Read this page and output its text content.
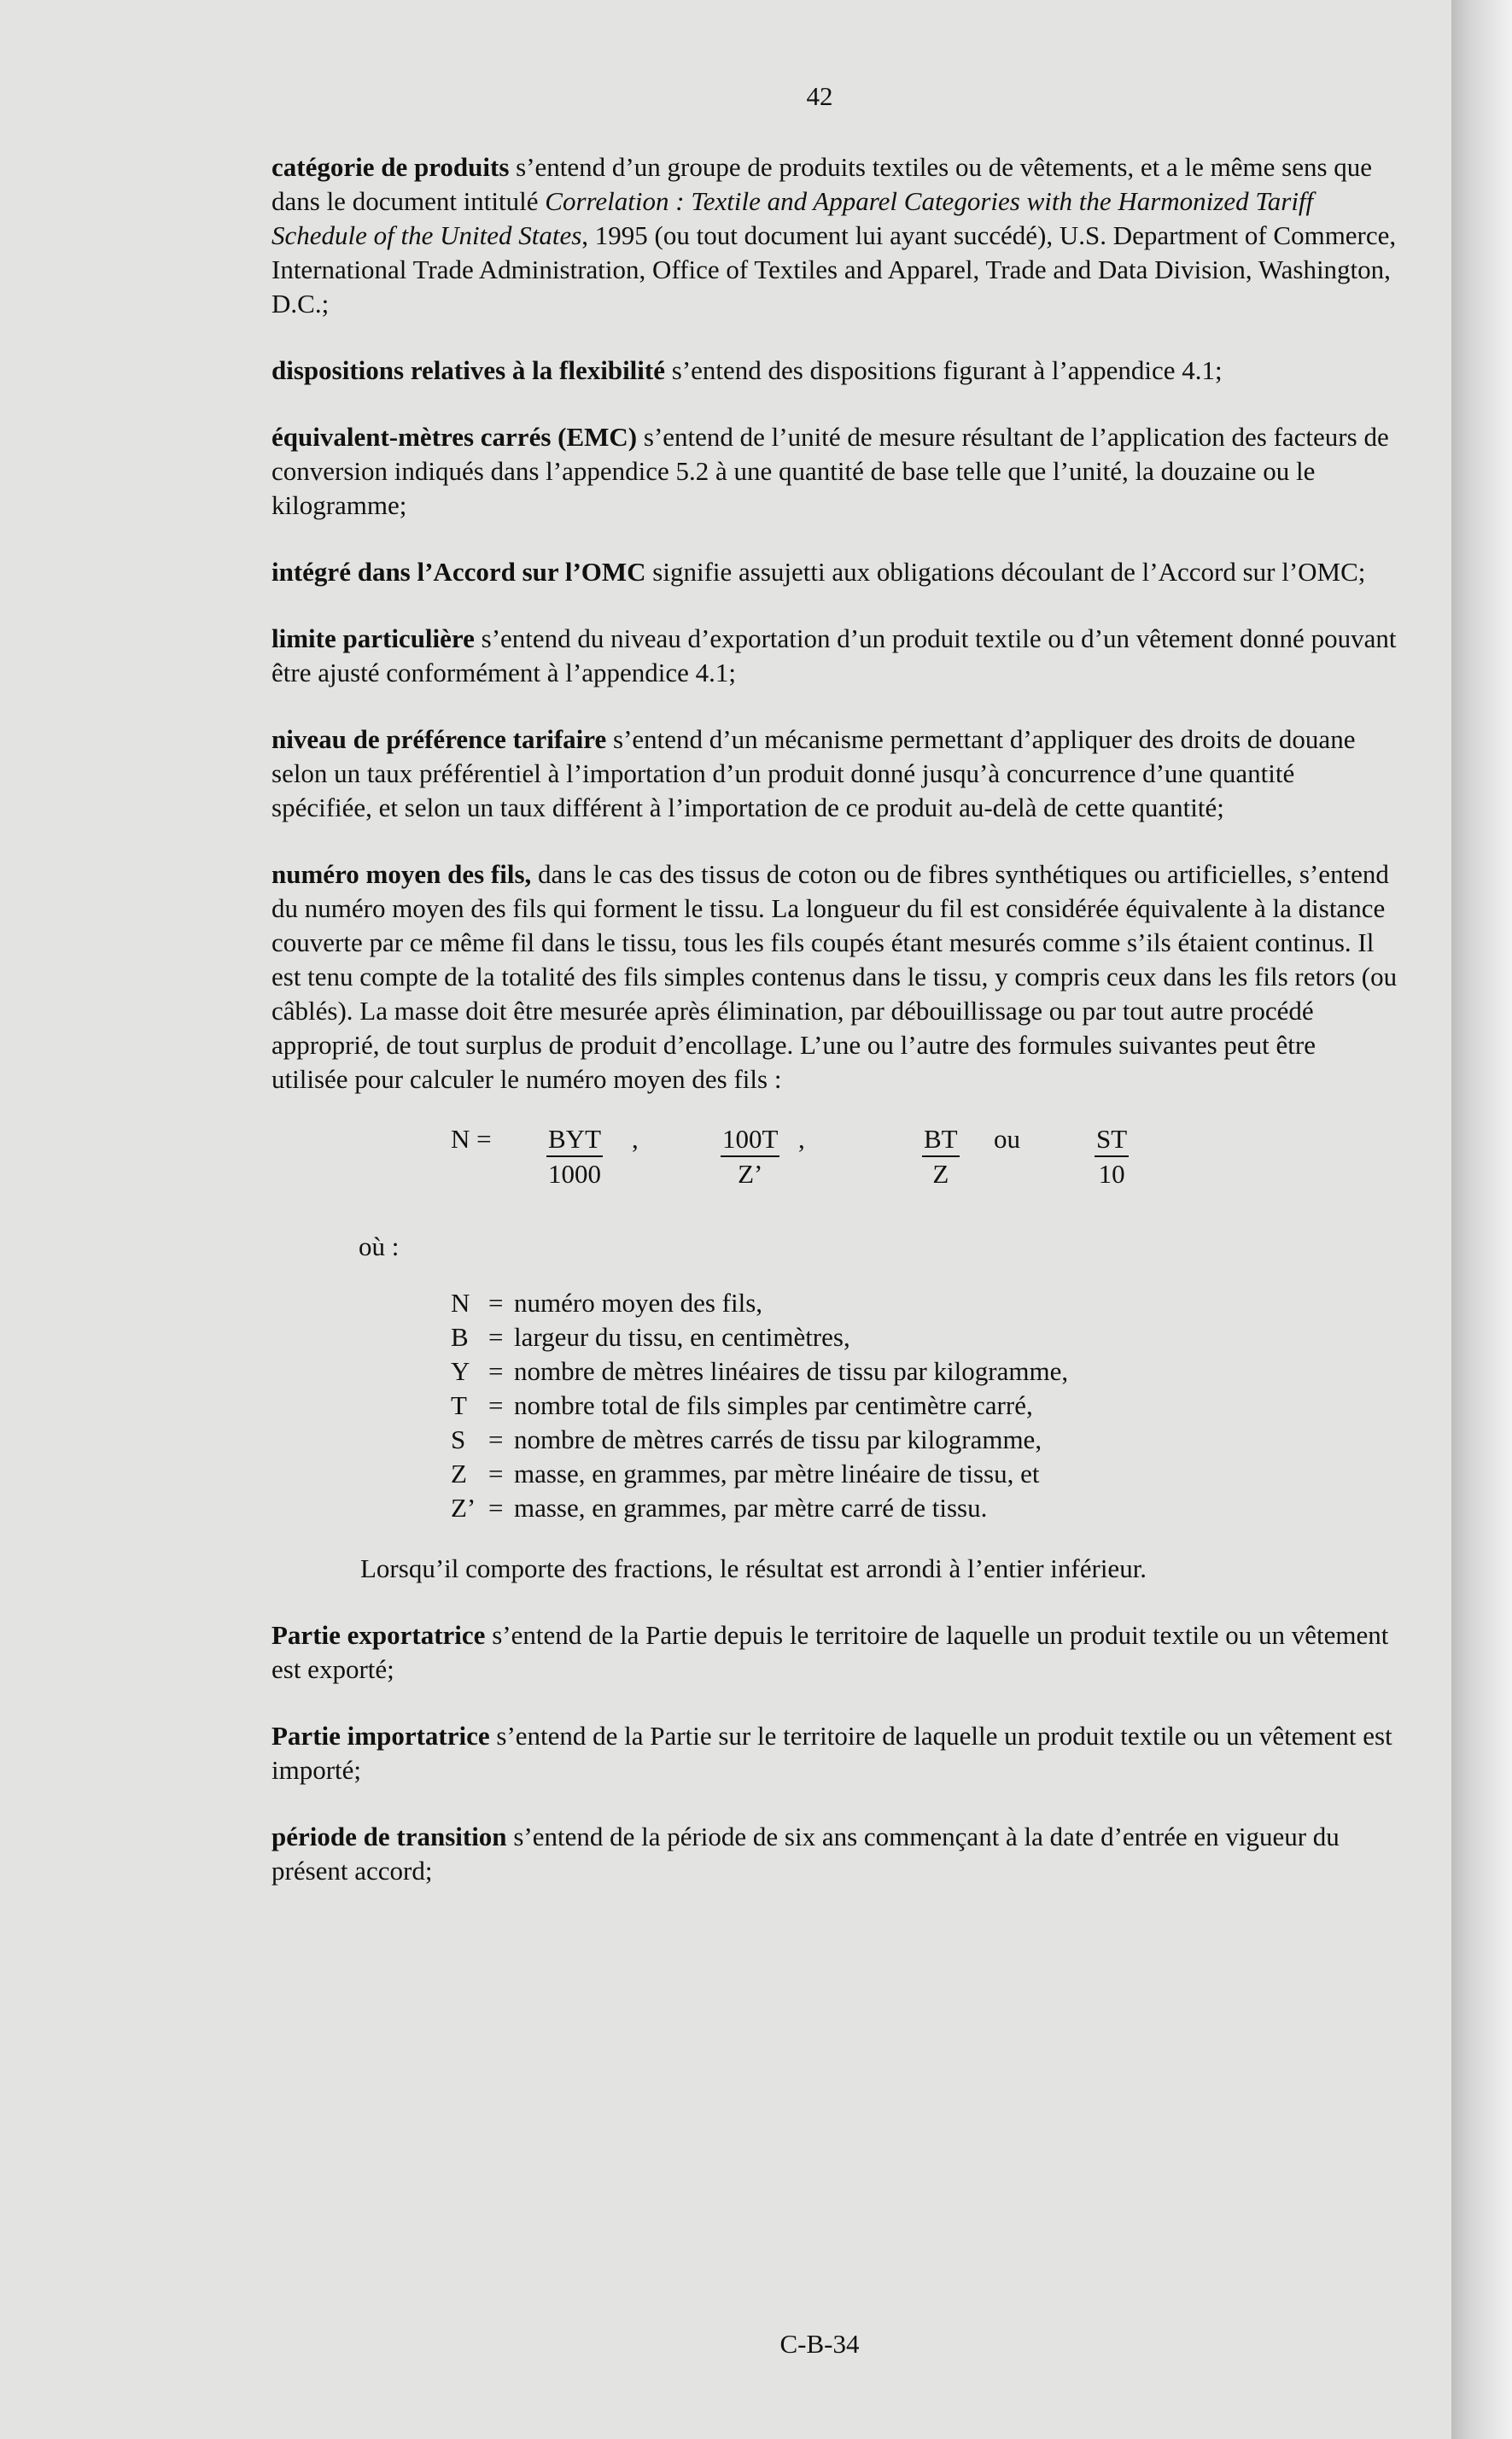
42

catégorie de produits s’entend d’un groupe de produits textiles ou de vêtements, et a le même sens que dans le document intitulé Correlation : Textile and Apparel Categories with the Harmonized Tariff Schedule of the United States, 1995 (ou tout document lui ayant succédé), U.S. Department of Commerce, International Trade Administration, Office of Textiles and Apparel, Trade and Data Division, Washington, D.C.;

dispositions relatives à la flexibilité s’entend des dispositions figurant à l’appendice 4.1;

équivalent-mètres carrés (EMC) s’entend de l’unité de mesure résultant de l’application des facteurs de conversion indiqués dans l’appendice 5.2 à une quantité de base telle que l’unité, la douzaine ou le kilogramme;

intégré dans l’Accord sur l’OMC signifie assujetti aux obligations découlant de l’Accord sur l’OMC;

limite particulière s’entend du niveau d’exportation d’un produit textile ou d’un vêtement donné pouvant être ajusté conformément à l’appendice 4.1;

niveau de préférence tarifaire s’entend d’un mécanisme permettant d’appliquer des droits de douane selon un taux préférentiel à l’importation d’un produit donné jusqu’à concurrence d’une quantité spécifiée, et selon un taux différent à l’importation de ce produit au-delà de cette quantité;

numéro moyen des fils, dans le cas des tissus de coton ou de fibres synthétiques ou artificielles, s’entend du numéro moyen des fils qui forment le tissu. La longueur du fil est considérée équivalente à la distance couverte par ce même fil dans le tissu, tous les fils coupés étant mesurés comme s’ils étaient continus. Il est tenu compte de la totalité des fils simples contenus dans le tissu, y compris ceux dans les fils retors (ou câblés). La masse doit être mesurée après élimination, par débouillissage ou par tout autre procédé approprié, de tout surplus de produit d’encollage. L’une ou l’autre des formules suivantes peut être utilisée pour calculer le numéro moyen des fils :

N = BYT
1000
,	$\frac{100T}{Z’}$ ,	$\frac{BT}{Z}$ ou	$\frac{ST}{10}$
où :
N = numéro moyen des fils,
B = largeur du tissu, en centimètres,
Y = nombre de mètres linéaires de tissu par kilogramme,
T = nombre total de fils simples par centimètre carré,
S = nombre de mètres carrés de tissu par kilogramme,
Z = masse, en grammes, par mètre linéaire de tissu, et
Z’ = masse, en grammes, par mètre carré de tissu.

Lorsqu’il comporte des fractions, le résultat est arrondi à l’entier inférieur.

Partie exportatrice s’entend de la Partie depuis le territoire de laquelle un produit textile ou un vêtement est exporté;

Partie importatrice s’entend de la Partie sur le territoire de laquelle un produit textile ou un vêtement est importé;

période de transition s’entend de la période de six ans commençant à la date d’entrée en vigueur du présent accord;

C-B-34
